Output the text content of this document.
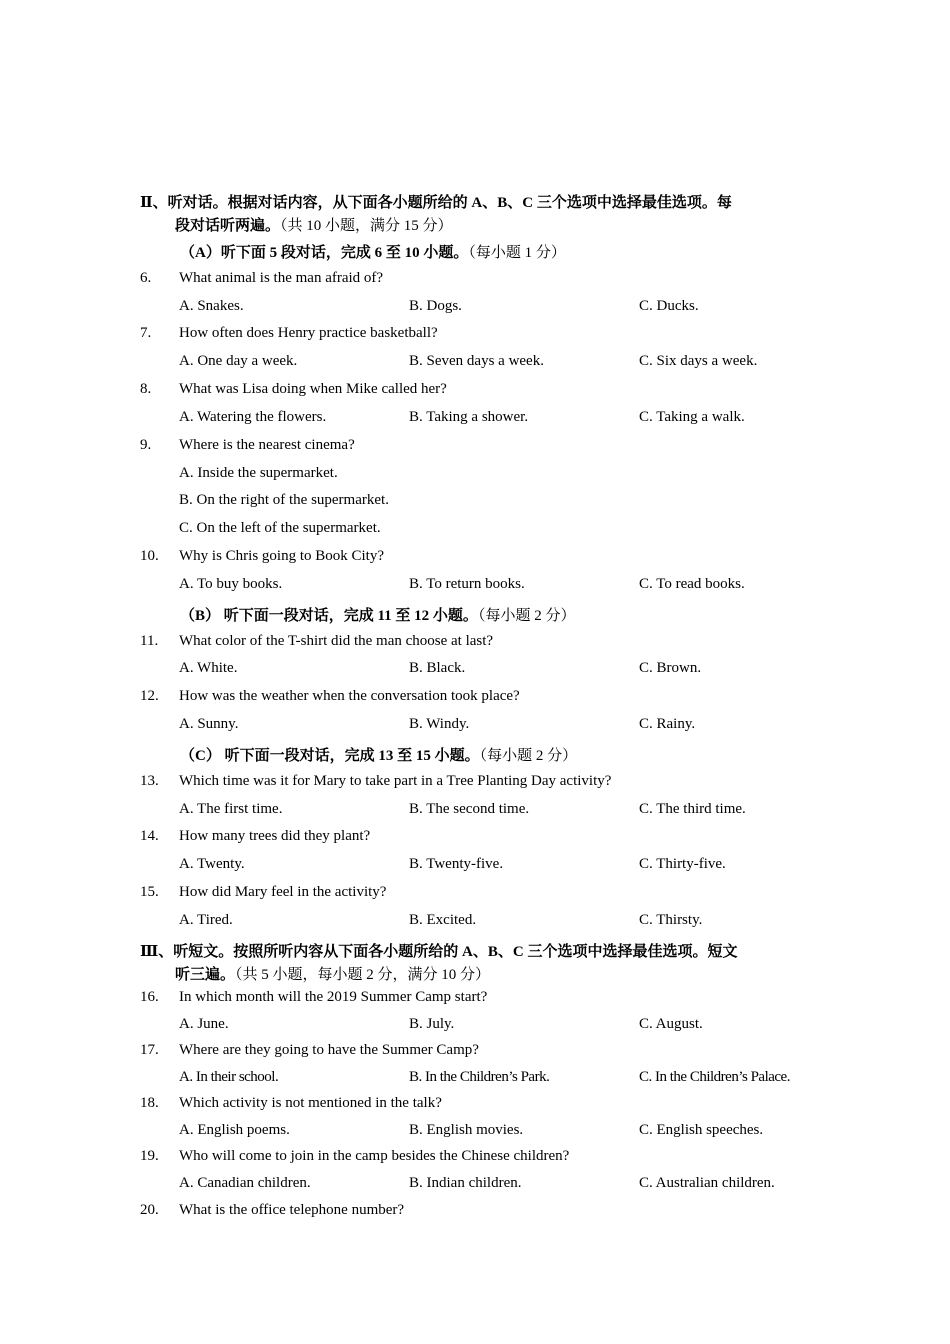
Ⅱ、听对话。根据对话内容，从下面各小题所给的 A、B、C 三个选项中选择最佳选项。每
段对话听两遍。（共 10 小题，满分 15 分）
（A）听下面 5 段对话，完成 6 至 10 小题。（每小题 1 分）
6. What animal is the man afraid of?
A. Snakes.	B. Dogs.	C. Ducks.
7. How often does Henry practice basketball?
A. One day a week.	B. Seven days a week.	C. Six days a week.
8. What was Lisa doing when Mike called her?
A. Watering the flowers.	B. Taking a shower.	C. Taking a walk.
9. Where is the nearest cinema?
A. Inside the supermarket.
B. On the right of the supermarket.
C. On the left of the supermarket.
10. Why is Chris going to Book City?
A. To buy books.	B. To return books.	C. To read books.
（B） 听下面一段对话，完成 11 至 12 小题。（每小题 2 分）
11. What color of the T-shirt did the man choose at last?
A. White.	B. Black.	C. Brown.
12. How was the weather when the conversation took place?
A. Sunny.	B. Windy.	C. Rainy.
（C） 听下面一段对话，完成 13 至 15 小题。（每小题 2 分）
13. Which time was it for Mary to take part in a Tree Planting Day activity?
A. The first time.	B. The second time.	C. The third time.
14. How many trees did they plant?
A. Twenty.	B. Twenty-five.	C. Thirty-five.
15. How did Mary feel in the activity?
A. Tired.	B. Excited.	C. Thirsty.
Ⅲ、听短文。按照所听内容从下面各小题所给的 A、B、C 三个选项中选择最佳选项。短文
听三遍。（共 5 小题，每小题 2 分，满分 10 分）
16. In which month will the 2019 Summer Camp start?
A. June.	B. July.	C. August.
17. Where are they going to have the Summer Camp?
A. In their school.	B. In the Children’s Park.	C. In the Children’s Palace.
18. Which activity is not mentioned in the talk?
A. English poems.	B. English movies.	C. English speeches.
19. Who will come to join in the camp besides the Chinese children?
A. Canadian children.	B. Indian children.	C. Australian children.
20. What is the office telephone number?
